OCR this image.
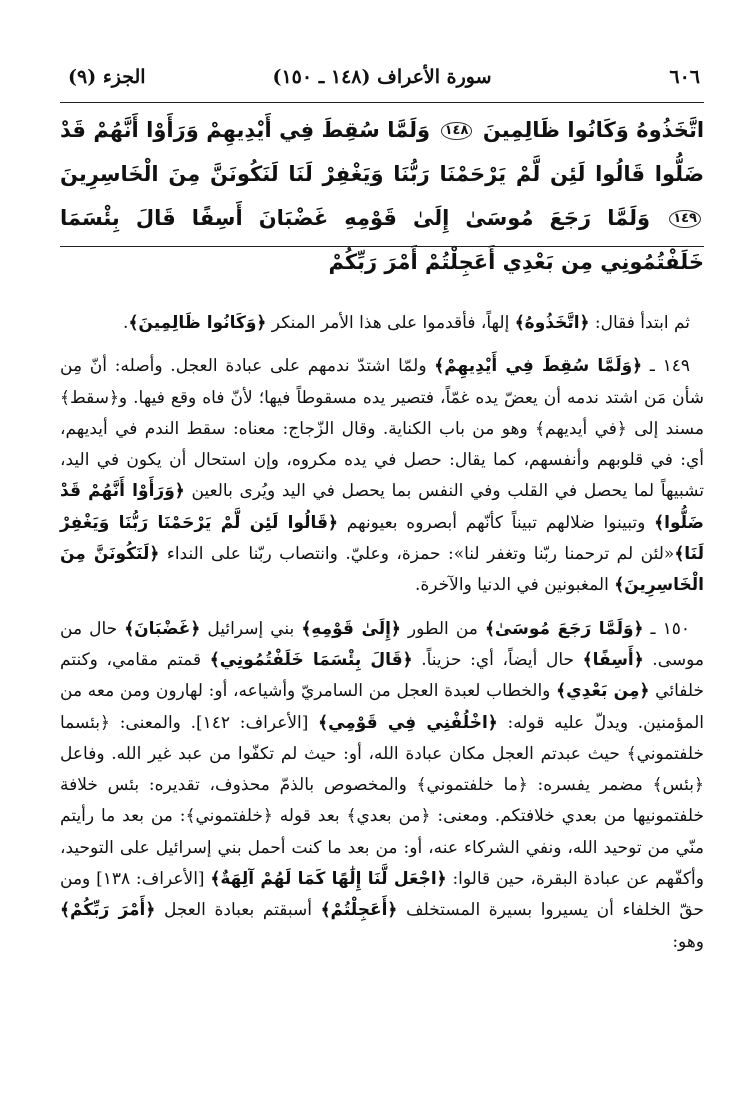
٦٠٦
سورة الأعراف (١٤٨ ـ ١٥٠)
الجزء (٩)
اتَّخَذُوهُ وَكَانُوا ظَالِمِينَ ١٤٨ وَلَمَّا سُقِطَ فِي أَيْدِيهِمْ وَرَأَوْا أَنَّهُمْ قَدْ ضَلُّوا قَالُوا لَئِن لَّمْ يَرْحَمْنَا رَبُّنَا وَيَغْفِرْ لَنَا لَنَكُونَنَّ مِنَ الْخَاسِرِينَ ١٤٩ وَلَمَّا رَجَعَ مُوسَىٰ إِلَىٰ قَوْمِهِ غَضْبَانَ أَسِفًا قَالَ بِئْسَمَا خَلَفْتُمُونِي مِن بَعْدِي أَعَجِلْتُمْ أَمْرَ رَبِّكُمْ

ثم ابتدأ فقال: ﴿اتَّخَذُوهُ﴾ إلهاً، فأقدموا على هذا الأمر المنكر ﴿وَكَانُوا ظَالِمِينَ﴾.

١٤٩ ـ ﴿وَلَمَّا سُقِطَ فِي أَيْدِيهِمْ﴾ ولمّا اشتدّ ندمهم على عبادة العجل. وأصله: أنّ مِن شأن مَن اشتد ندمه أن يعضّ يده غمّاً، فتصير يده مسقوطاً فيها؛ لأنّ فاه وقع فيها. و﴿سقط﴾ مسند إلى ﴿في أيديهم﴾ وهو من باب الكناية. وقال الزّجاج: معناه: سقط الندم في أيديهم، أي: في قلوبهم وأنفسهم، كما يقال: حصل في يده مكروه، وإن استحال أن يكون في اليد، تشبيهاً لما يحصل في القلب وفي النفس بما يحصل في اليد ويُرى بالعين ﴿وَرَأَوْا أَنَّهُمْ قَدْ ضَلُّوا﴾ وتبينوا ضلالهم تبيناً كأنّهم أبصروه بعيونهم ﴿قَالُوا لَئِن لَّمْ يَرْحَمْنَا رَبُّنَا وَيَغْفِرْ لَنَا﴾«لئن لم ترحمنا ربّنا وتغفر لنا»: حمزة، وعليّ. وانتصاب ربّنا على النداء ﴿لَنَكُونَنَّ مِنَ الْخَاسِرِينَ﴾ المغبونين في الدنيا والآخرة.

١٥٠ ـ ﴿وَلَمَّا رَجَعَ مُوسَىٰ﴾ من الطور ﴿إِلَىٰ قَوْمِهِ﴾ بني إسرائيل ﴿غَضْبَانَ﴾ حال من موسى. ﴿أَسِفًا﴾ حال أيضاً، أي: حزيناً. ﴿قَالَ بِئْسَمَا خَلَفْتُمُونِي﴾ قمتم مقامي، وكنتم خلفائي ﴿مِن بَعْدِي﴾ والخطاب لعبدة العجل من السامريّ وأشياعه، أو: لهارون ومن معه من المؤمنين. ويدلّ عليه قوله: ﴿اخْلُفْنِي فِي قَوْمِي﴾ [الأعراف: ١٤٢]. والمعنى: ﴿بئسما خلفتموني﴾ حيث عبدتم العجل مكان عبادة الله، أو: حيث لم تكفّوا من عبد غير الله. وفاعل ﴿بئس﴾ مضمر يفسره: ﴿ما خلفتموني﴾ والمخصوص بالذمّ محذوف، تقديره: بئس خلافة خلفتمونيها من بعدي خلافتكم. ومعنى: ﴿من بعدي﴾ بعد قوله ﴿خلفتموني﴾: من بعد ما رأيتم منّي من توحيد الله، ونفي الشركاء عنه، أو: من بعد ما كنت أحمل بني إسرائيل على التوحيد، وأكفّهم عن عبادة البقرة، حين قالوا: ﴿اجْعَل لَّنَا إِلَٰهًا كَمَا لَهُمْ آلِهَةٌ﴾ [الأعراف: ١٣٨] ومن حقّ الخلفاء أن يسيروا بسيرة المستخلف ﴿أَعَجِلْتُمْ﴾ أسبقتم بعبادة العجل ﴿أَمْرَ رَبِّكُمْ﴾ وهو:
